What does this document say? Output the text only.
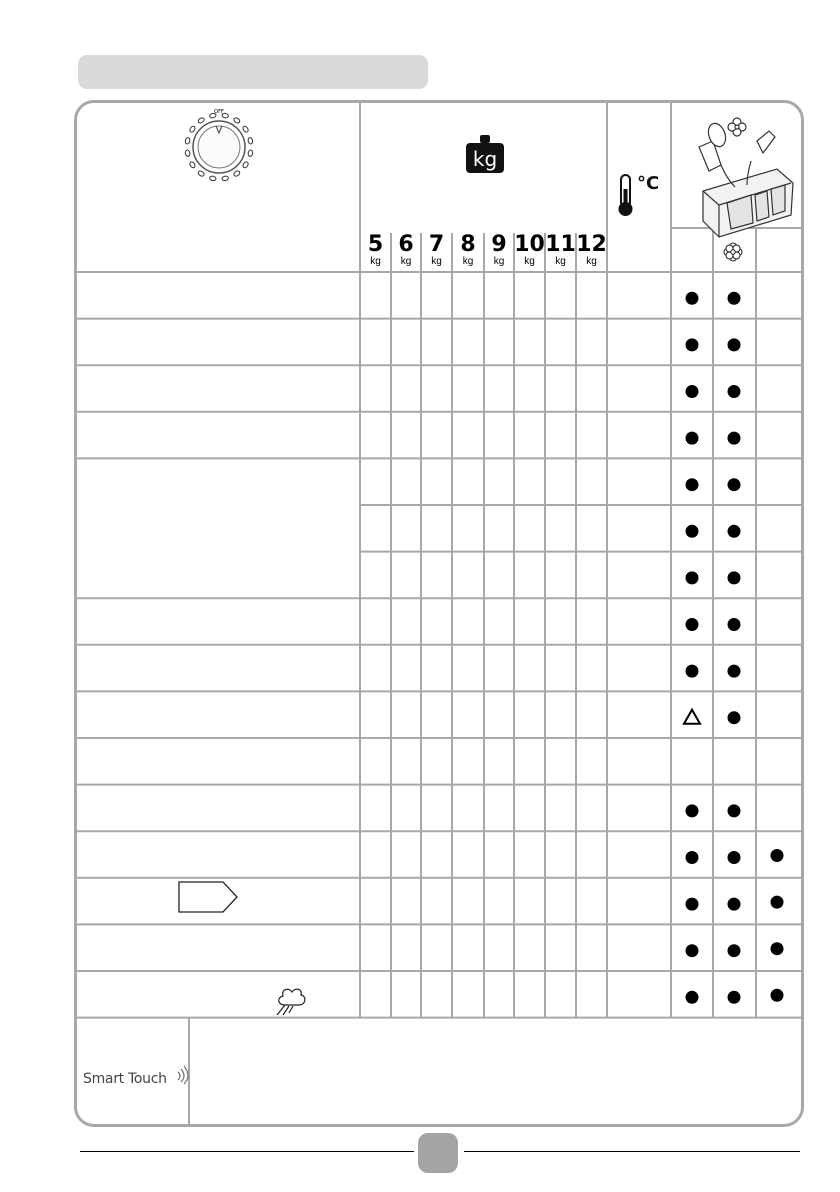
OFF
kg
°C
5
kg
6
kg
7
kg
8
kg
9
kg
10
kg
11
kg
12
kg
Smart Touch
